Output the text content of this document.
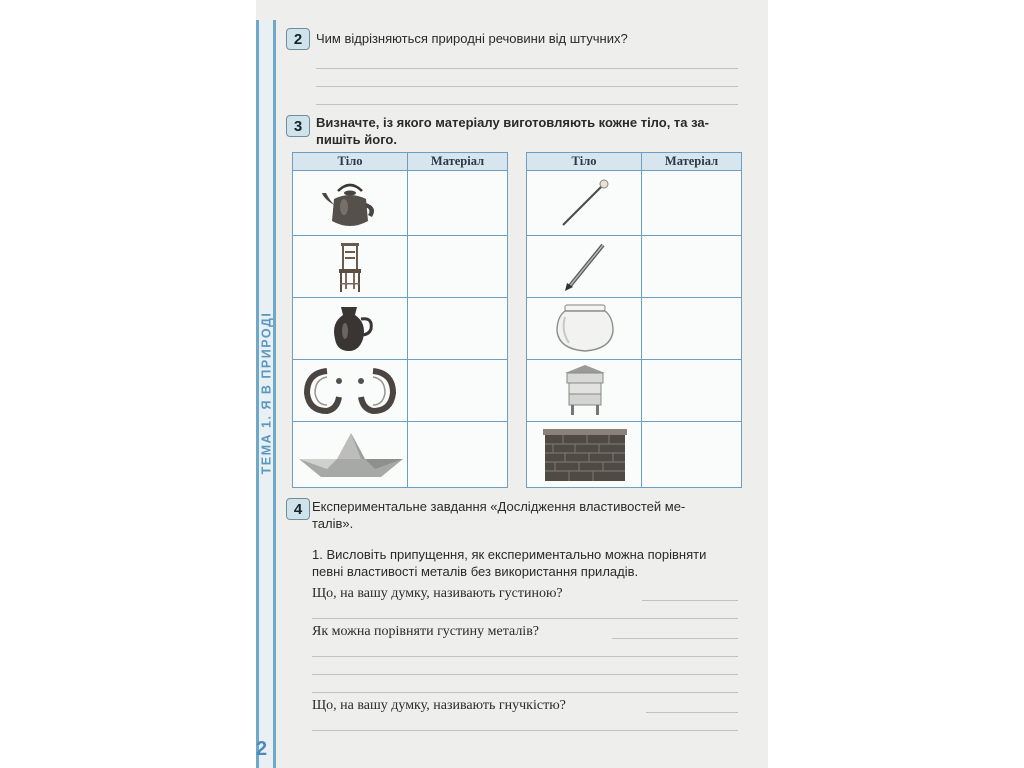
ТЕМА 1. Я В ПРИРОДІ
2
2	Чим відрізняються природні речовини від штучних?
3	Визначте, із якого матеріалу виготовляють кожне тіло, та за-
пишіть його.
Тіло	Матеріал	Тіло	Матеріал
4 Експериментальне завдання «Дослідження властивостей ме-
талів».
1. Висловіть припущення, як експериментально можна порівняти
певні властивості металів без використання приладів.
Що, на вашу думку, називають густиною?
Як можна порівняти густину металів?
Що, на вашу думку, називають гнучкістю?
